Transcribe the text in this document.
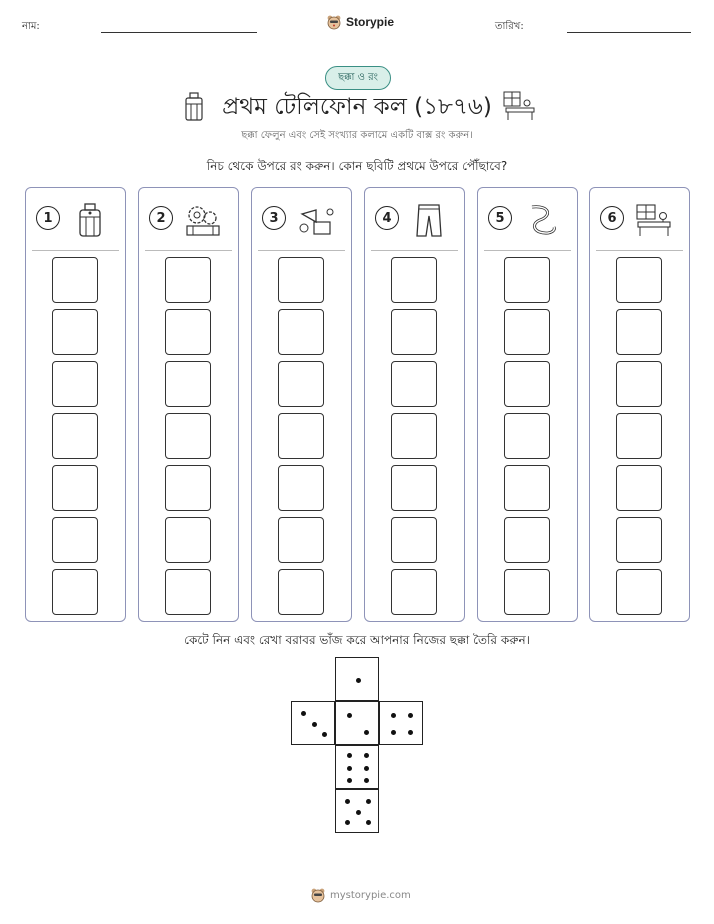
নাম:	Storypie	তারিখ:
ছক্কা ও রং
প্রথম টেলিফোন কল (১৮৭৬)
ছক্কা ফেলুন এবং সেই সংখ্যার কলামে একটি বাক্স রং করুন।
নিচ থেকে উপরে রং করুন। কোন ছবিটি প্রথমে উপরে পৌঁছাবে?
1	2	3	4	5	6
কেটে নিন এবং রেখা বরাবর ভাঁজ করে আপনার নিজের ছক্কা তৈরি করুন।
mystorypie.com
